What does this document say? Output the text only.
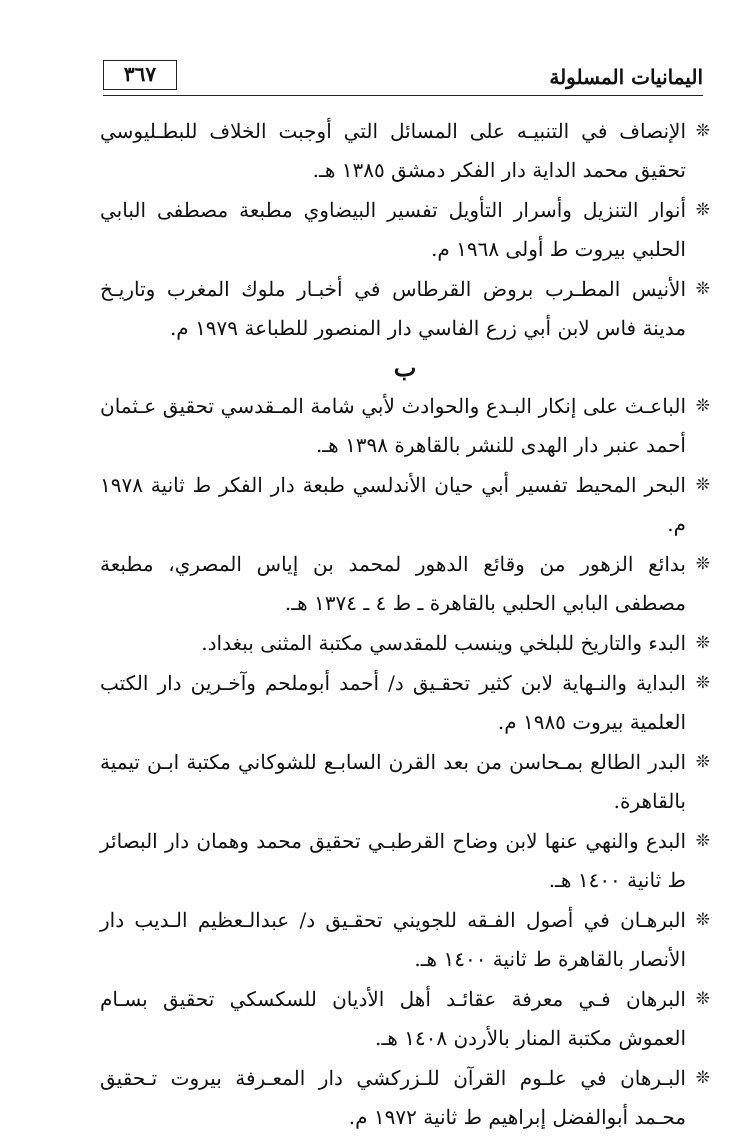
٣٦٧	اليمانيات المسلولة
❊
الإنصاف في التنبيـه على المسائل التي أوجبت الخلاف للبطـليوسي تحقيق محمد الداية دار الفكر دمشق ١٣٨٥ هـ.
❊
أنوار التنزيل وأسرار التأويل تفسير البيضاوي مطبعة مصطفى البابي الحلبي بيروت ط أولى ١٩٦٨ م.
❊
الأنيس المطـرب بروض القرطاس في أخبـار ملوك المغرب وتاريـخ مدينة فاس لابن أبي زرع الفاسي دار المنصور للطباعة ١٩٧٩ م.
ب
❊
الباعـث على إنكار البـدع والحوادث لأبي شامة المـقدسي تحقيق عـثمان أحمد عنبر دار الهدى للنشر بالقاهرة ١٣٩٨ هـ.
❊
البحر المحيط تفسير أبي حيان الأندلسي طبعة دار الفكر ط ثانية ١٩٧٨ م.
❊
بدائع الزهور من وقائع الدهور لمحمد بن إياس المصري، مطبعة مصطفى البابي الحلبي بالقاهرة ـ ط ٤ ـ ١٣٧٤ هـ.
❊
البدء والتاريخ للبلخي وينسب للمقدسي مكتبة المثنى ببغداد.
❊
البداية والنـهاية لابن كثير تحقـيق د/ أحمد أبوملحم وآخـرين دار الكتب العلمية بيروت ١٩٨٥ م.
❊
البدر الطالع بمـحاسن من بعد القرن السابـع للشوكاني مكتبة ابـن تيمية بالقاهرة.
❊
البدع والنهي عنها لابن وضاح القرطبـي تحقيق محمد وهمان دار البصائر ط ثانية ١٤٠٠ هـ.
❊
البرهـان في أصول الفـقه للجويني تحقـيق د/ عبدالـعظيم الـديب دار الأنصار بالقاهرة ط ثانية ١٤٠٠ هـ.
❊
البرهان فـي معرفة عقائـد أهل الأديان للسكسكي تحقيق بسـام العموش مكتبة المنار بالأردن ١٤٠٨ هـ.
❊
البـرهان في علـوم القرآن للـزركشي دار المعـرفة بيروت تـحقيق محـمد أبوالفضل إبراهيم ط ثانية ١٩٧٢ م.
